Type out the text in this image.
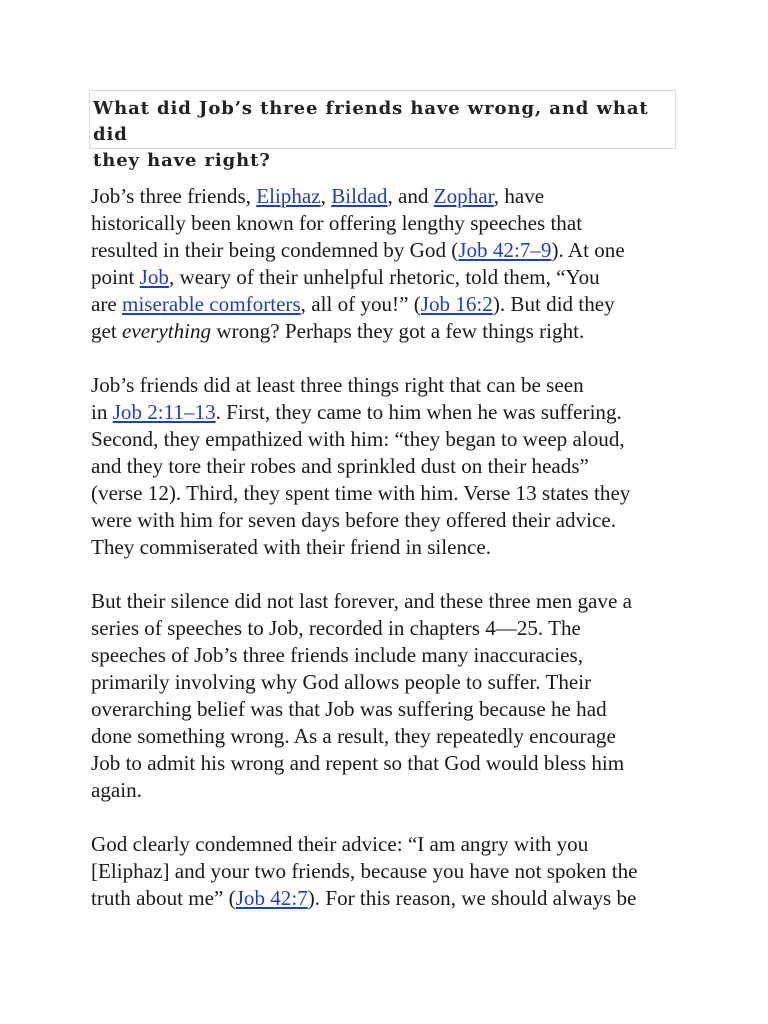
What did Job’s three friends have wrong, and what did
they have right?

Job’s three friends, Eliphaz, Bildad, and Zophar, have
historically been known for offering lengthy speeches that
resulted in their being condemned by God (Job 42:7–9). At one
point Job, weary of their unhelpful rhetoric, told them, “You
are miserable comforters, all of you!” (Job 16:2). But did they
get everything wrong? Perhaps they got a few things right.

Job’s friends did at least three things right that can be seen
in Job 2:11–13. First, they came to him when he was suffering.
Second, they empathized with him: “they began to weep aloud,
and they tore their robes and sprinkled dust on their heads”
(verse 12). Third, they spent time with him. Verse 13 states they
were with him for seven days before they offered their advice.
They commiserated with their friend in silence.

But their silence did not last forever, and these three men gave a
series of speeches to Job, recorded in chapters 4—25. The
speeches of Job’s three friends include many inaccuracies,
primarily involving why God allows people to suffer. Their
overarching belief was that Job was suffering because he had
done something wrong. As a result, they repeatedly encourage
Job to admit his wrong and repent so that God would bless him
again.

God clearly condemned their advice: “I am angry with you
[Eliphaz] and your two friends, because you have not spoken the
truth about me” (Job 42:7). For this reason, we should always be
